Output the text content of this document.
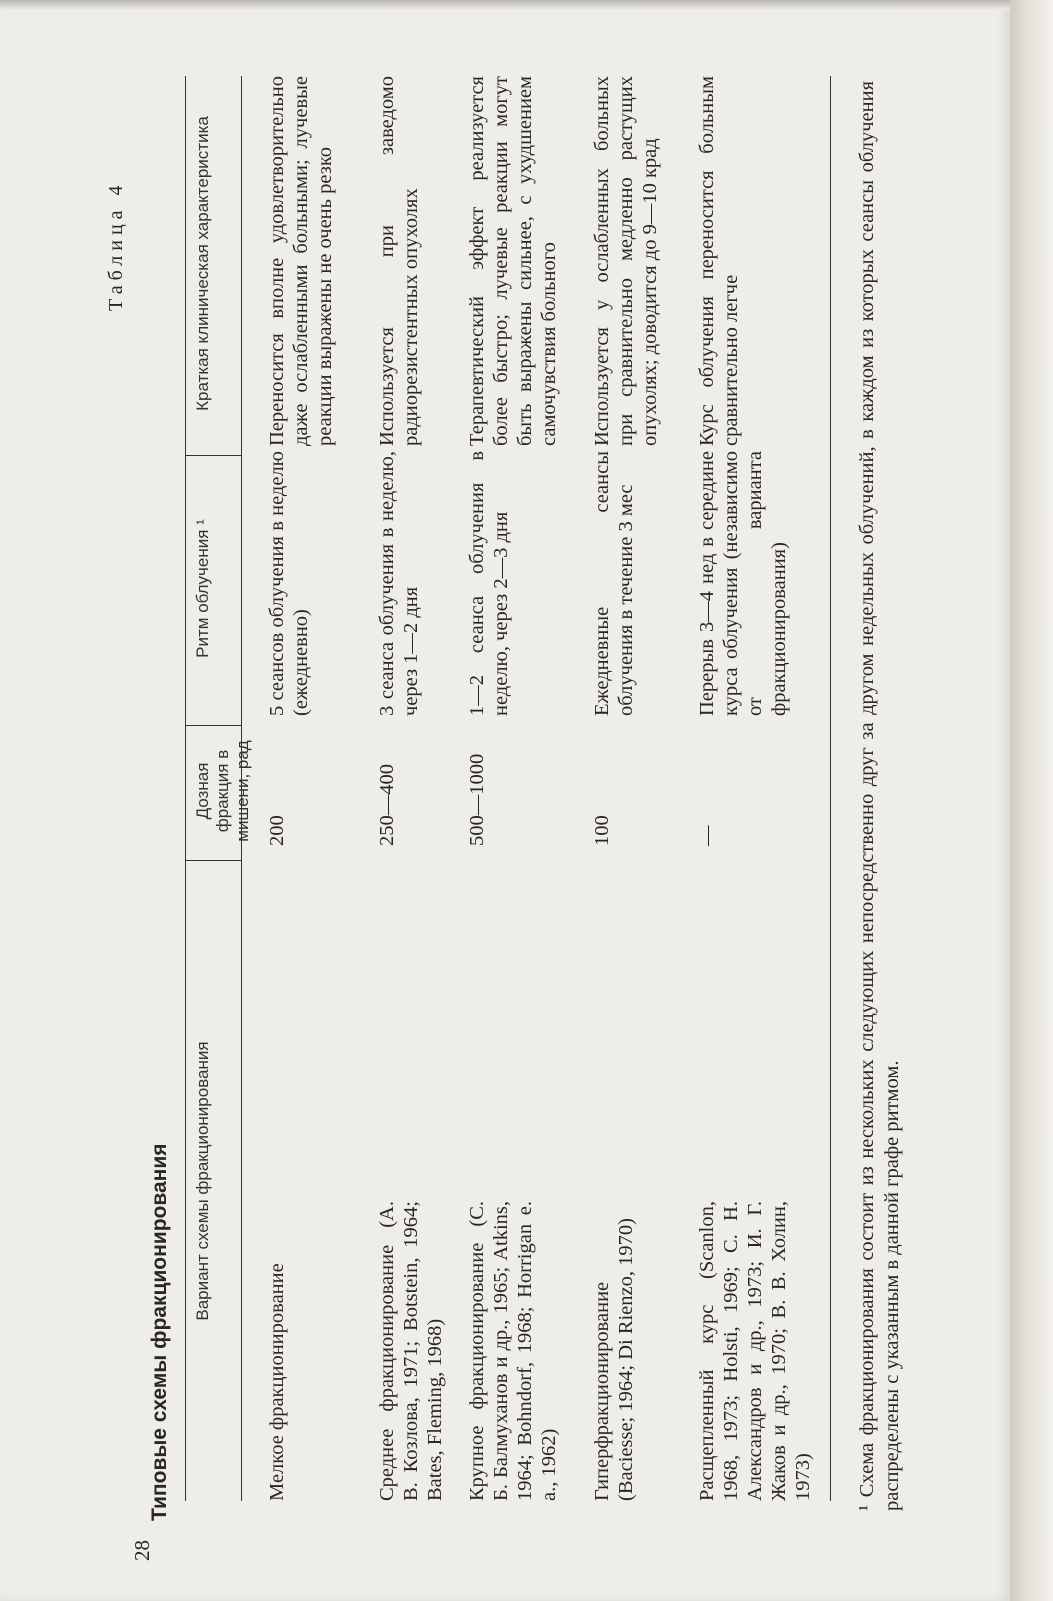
28
Таблица 4
Типовые схемы фракционирования Вариант схемы фракционирования
Дозная фракция в мишени, рад
Ритм облучения ¹
Краткая клиническая характеристика
Мелкое фракционирование
200
5 сеансов облучения в неделю (ежедневно)
Переносится вполне удовлетворительно даже ослабленными больными; лучевые реакции выражены не очень резко
Среднее фракционирование (А. В. Козлова, 1971; Botstein, 1964; Bates, Fleming, 1968)
250—400
3 сеанса облучения в неделю, через 1—2 дня
Используется при заведомо радиорезистентных опухолях
Крупное фракционирование (С. Б. Балмуханов и др., 1965; Atkins, 1964; Bohndorf, 1968; Horrigan e. a., 1962)
500—1000
1—2 сеанса облучения в неделю, через 2—3 дня
Терапевтический эффект реализуется более быстро; лучевые реакции могут быть выражены сильнее, с ухудшением самочувствия больного
Гиперфракционирование (Baciesse; 1964; Di Rienzo, 1970)
100
Ежедневные сеансы облучения в течение 3 мес
Используется у ослабленных больных при сравнительно медленно растущих опухолях; доводится до 9—10 крад
Расщепленный курс (Scanlon, 1968, 1973; Holsti, 1969; С. Н. Александров и др., 1973; И. Г. Жаков и др., 1970; В. В. Холин, 1973)
—
Перерыв 3—4 нед в середине курса облучения (независимо от варианта фракционирования)
Курс облучения переносится больным сравнительно легче	¹ Схема фракционирования состоит из нескольких следующих непосредственно друг за другом недельных облучений, в каждом из которых сеансы облучения распределены с указанным в данной графе ритмом.
